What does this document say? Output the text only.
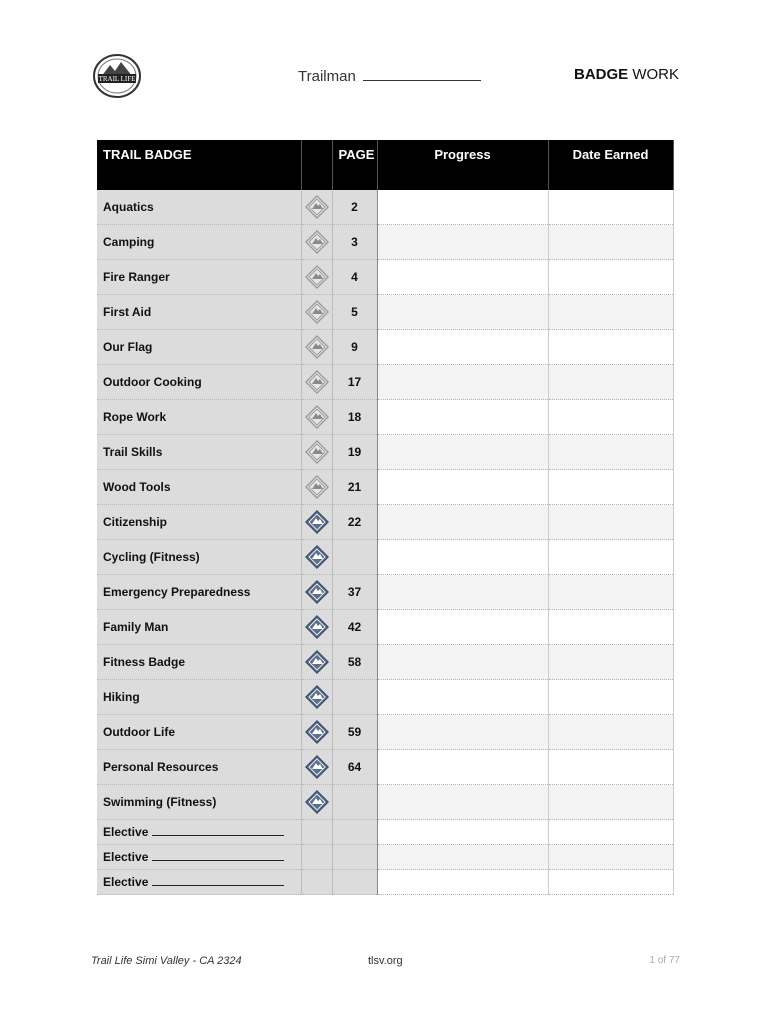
TRAIL LIFE	Trailman	BADGE WORK
TRAIL BADGE		PAGE	Progress	Date Earned
Aquatics		2		
Camping		3		
Fire Ranger		4		
First Aid		5		
Our Flag		9		
Outdoor Cooking		17		
Rope Work		18		
Trail Skills		19		
Wood Tools		21		
Citizenship		22		
Cycling (Fitness)				
Emergency Preparedness		37		
Family Man		42		
Fitness Badge		58		
Hiking				
Outdoor Life		59		
Personal Resources		64		
Swimming (Fitness)				
Elective				
Elective				
Elective				
Trail Life Simi Valley - CA 2324	tlsv.org	1 of 77
